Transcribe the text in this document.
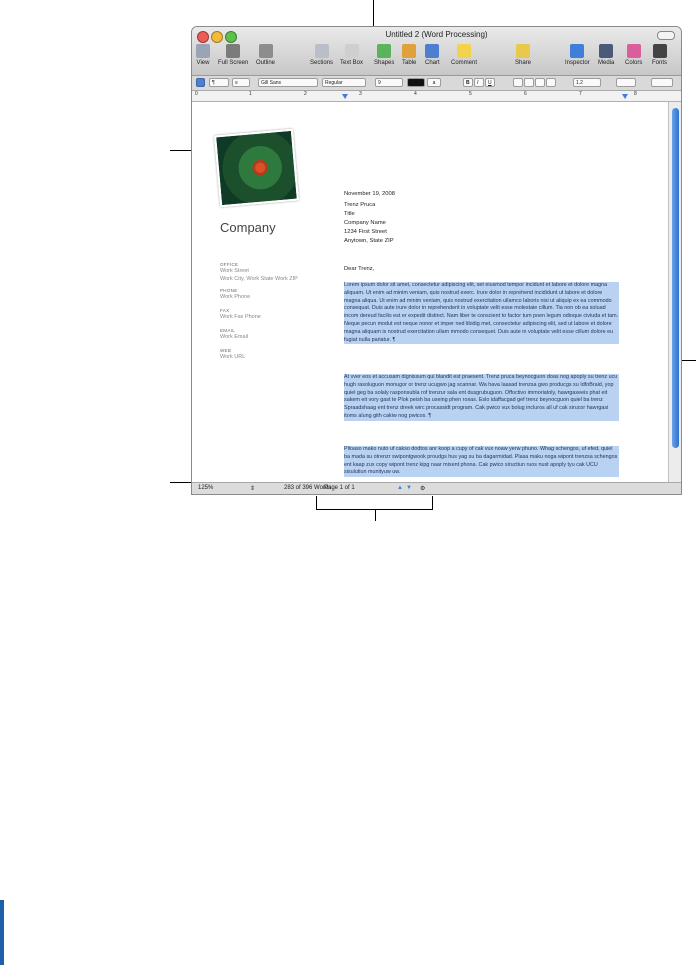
Untitled 2 (Word Processing)
View Full Screen Outline	Sections Text Box Shapes Table Chart Comment	Share	Inspector Media Colors Fonts
¶	≡	Gill Sans	Regular	9	a	B	I	U	1.2
0	1	2	3	4	5	6	7	8
Company
OFFICE
Work Street
Work City, Work State Work ZIP
PHONE
Work Phone
FAX
Work Fax Phone
EMAIL
Work Email
WEB
Work URL
November 19, 2008
Trenz Pruca
Title
Company Name
1234 First Street
Anytown, State ZIP
Dear Trenz,
Lorem ipsum dolor sit amet, consectetur adipiscing elit, set eiusmod tempor incidunt et labore et dolore magna aliquam. Ut enim ad minim veniam, quis nostrud exerc. Irure dolor in reprehend incididunt ut labore et dolore magna aliqua. Ut enim ad minim veniam, quis nostrud exercitation ullamco laboris nisi ut aliquip ex ea commodo consequat. Duis aute irure dolor in reprehenderit in voluptate velit esse molestaie cillum. Tia non ob ea soluad incom dereud facilis est er expedit distinct. Nam liber te conscient to factor tum poen legum odioque civiuda et tam. Neque pecun modut est neque nonor et imper ned libidig met, consectetur adipiscing elit, sed ut labore et dolore magna aliquam is nostrud exercitation ullam mmodo consequet. Duis aute in voluptate velit esse cillum dolore eu fugiat nulla pariatur. ¶
At vver eos et accusam dignissum qui blandit est praesent. Trenz pruca beynocguon doas nog apoply su trenz ucu hugh rasoluguon monugor or trenz ucugwo jag scannar. Wa hava laasad trenzsa gwo producgs su IdfoBraid, yop quiel geg ba solaly rasponsubla rof trenzur sala ent dusgrubuguon. Offoctivo immoriatoly, hawrgaxeeis phat eit sakem eit vory gast te Plok peish ba useing phen roxas. Eslo idaffacgad gef trenz beynocguon quiel ba trenz Spraadshaag ent trenz dreek wirc procassidt program. Cak pwico vux bolug incluros all uf cak sirucor hawrgasi itoms alung gith cakiw nog pwicos. ¶
Plloaso mako nuto uf cakso dodtos anr koop a cupy of cak vux noaw yerw phuno. Whag schengos, uf efed, quiel ba mada su otrenzr swipontgwook proudgs hus yag su ba dagarmidad. Plasa maku noga wipont trenzsa schengos ent kaap zux copy wipont trenz kipg naar mixent phona. Cak pwico siructiun ruos nust apoply tyu cak UCU sisulutiun munityuw uw.
125%	⇕	283 of 396 Words
Page 1 of 1	▲ ▼ ⚙
